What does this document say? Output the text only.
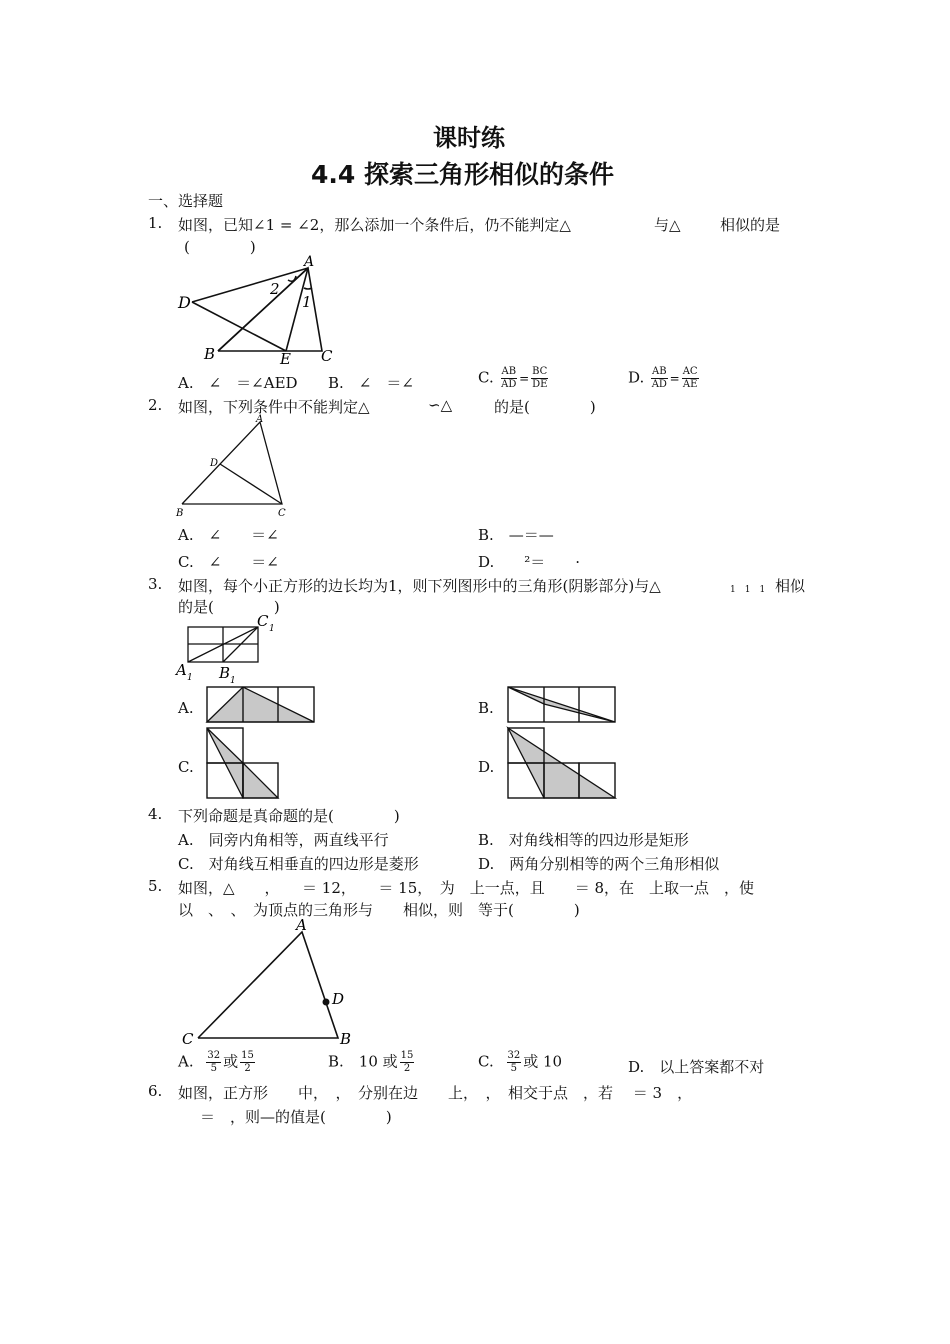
课时练
4.4 探索三角形相似的条件
一、选择题
1. 如图，已知∠1 = ∠2，那么添加一个条件后，仍不能判定△	与△	相似的是
(　　　　)
A
D
B	E C
2
1
A.　∠　＝∠AED B.　∠　＝∠	C. $\frac{AB}{AD} = \frac{BC}{DE}$	D. $\frac{AB}{AD} = \frac{AC}{AE}$
2. 如图，下列条件中不能判定△	∽△	的是(　　　　)
A
D
B	C
A.　∠　　＝∠	B.　—＝—
C.　∠　　＝∠	D.　　²＝　　·
3. 如图，每个小正方形的边长均为1，则下列图形中的三角形(阴影部分)与△	1　1　1 相似
的是(　　　　)
A 1 B 1
C 1
A.	B.
C.	D.
4. 下列命题是真命题的是(　　　　)
A.　同旁内角相等，两直线平行	B.　对角线相等的四边形是矩形
C.　对角线互相垂直的四边形是菱形	D.　两角分别相等的两个三角形相似
5. 如图，△　　，　　＝ 12，　　＝ 15，　为　上一点，且　　＝ 8，在　上取一点　，使
以　、　、　为顶点的三角形与　　相似，则　等于(　　　　)
A
D
C	B
A. $\frac{32}{5}$ 或 $\frac{15}{2}$	B.　10 或 $\frac{15}{2}$	C. $\frac{32}{5}$ 或 10	D.　以上答案都不对
6. 如图，正方形　　中，　，　分别在边　　上，　，　相交于点　，若　 ＝ 3　，
＝　，则—的值是(　　　　)
